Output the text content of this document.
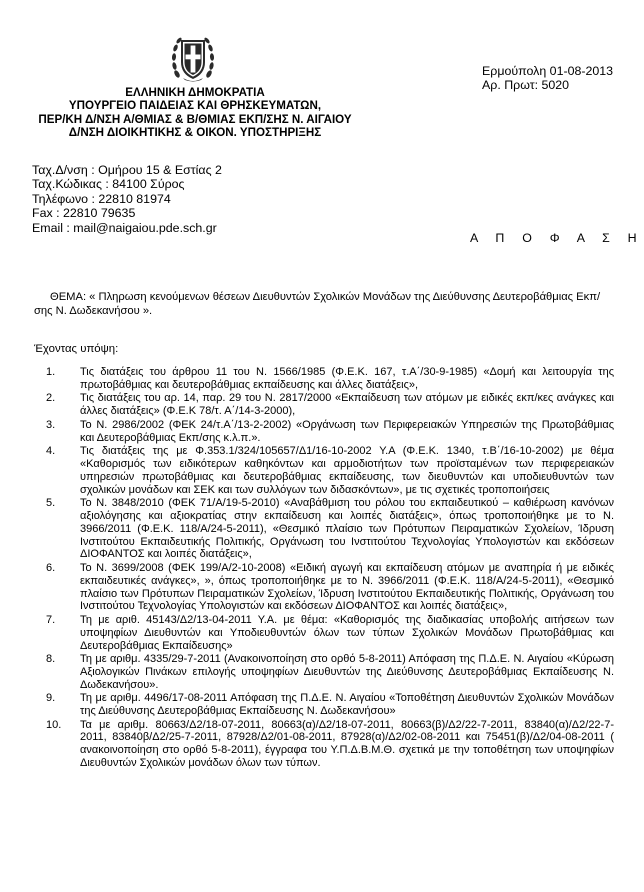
ΕΛΛΗΝΙΚΗ ΔΗΜΟΚΡΑΤΙΑ
ΥΠΟΥΡΓΕΙΟ ΠΑΙΔΕΙΑΣ ΚΑΙ ΘΡΗΣΚΕΥΜΑΤΩΝ,
ΠΕΡ/ΚΗ Δ/ΝΣΗ Α/ΘΜΙΑΣ & Β/ΘΜΙΑΣ ΕΚΠ/ΣΗΣ Ν. ΑΙΓΑΙΟΥ
Δ/ΝΣΗ ΔΙΟΙΚΗΤΙΚΗΣ & ΟΙΚΟΝ. ΥΠΟΣΤΗΡΙΞΗΣ
Ερμούπολη 01-08-2013
Αρ. Πρωτ: 5020
Ταχ.Δ/νση : Ομήρου 15 & Εστίας 2
Ταχ.Κώδικας : 84100 Σύρος
Τηλέφωνο : 22810 81974
Fax : 22810 79635
Email : mail@naigaiou.pde.sch.gr
Α Π Ο Φ Α Σ Η
ΘΕΜΑ: « Πληρωση κενούμενων θέσεων Διευθυντών Σχολικών Μονάδων της Διεύθυνσης Δευτεροβάθμιας Εκπ/σης Ν. Δωδεκανήσου ».
Έχοντας υπόψη:
1. Τις διατάξεις του άρθρου 11 του Ν. 1566/1985 (Φ.Ε.Κ. 167, τ.Α΄/30-9-1985) «Δομή και λειτουργία της πρωτοβάθμιας και δευτεροβάθμιας εκπαίδευσης και άλλες διατάξεις»,
2. Τις διατάξεις του αρ. 14, παρ. 29 του Ν. 2817/2000 «Εκπαίδευση των ατόμων με ειδικές εκπ/κες ανάγκες και άλλες διατάξεις» (Φ.Ε.Κ 78/τ. Α΄/14-3-2000),
3. Το Ν. 2986/2002 (ΦΕΚ 24/τ.Α΄/13-2-2002) «Οργάνωση των Περιφερειακών Υπηρεσιών της Πρωτοβάθμιας και Δευτεροβάθμιας Εκπ/σης κ.λ.π.».
4. Τις διατάξεις της με Φ.353.1/324/105657/Δ1/16-10-2002 Υ.Α (Φ.Ε.Κ. 1340, τ.Β΄/16-10-2002) με θέμα «Καθορισμός των ειδικότερων καθηκόντων και αρμοδιοτήτων των προϊσταμένων των περιφερειακών υπηρεσιών πρωτοβάθμιας και δευτεροβάθμιας εκπαίδευσης, των διευθυντών και υποδιευθυντών των σχολικών μονάδων και ΣΕΚ και των συλλόγων των διδασκόντων», με τις σχετικές τροποποιήσεις
5. Το Ν. 3848/2010 (ΦΕΚ 71/Α/19-5-2010) «Αναβάθμιση του ρόλου του εκπαιδευτικού – καθιέρωση κανόνων αξιολόγησης και αξιοκρατίας στην εκπαίδευση και λοιπές διατάξεις», όπως τροποποιήθηκε με το Ν. 3966/2011 (Φ.Ε.Κ. 118/Α/24-5-2011), «Θεσμικό πλαίσιο των Πρότυπων Πειραματικών Σχολείων, Ίδρυση Ινστιτούτου Εκπαιδευτικής Πολιτικής, Οργάνωση του Ινστιτούτου Τεχνολογίας Υπολογιστών και εκδόσεων ΔΙΟΦΑΝΤΟΣ και λοιπές διατάξεις»,
6. Το Ν. 3699/2008 (ΦΕΚ 199/Α/2-10-2008) «Ειδική αγωγή και εκπαίδευση ατόμων με αναπηρία ή με ειδικές εκπαιδευτικές ανάγκες», », όπως τροποποιήθηκε με το Ν. 3966/2011 (Φ.Ε.Κ. 118/Α/24-5-2011), «Θεσμικό πλαίσιο των Πρότυπων Πειραματικών Σχολείων, Ίδρυση Ινστιτούτου Εκπαιδευτικής Πολιτικής, Οργάνωση του Ινστιτούτου Τεχνολογίας Υπολογιστών και εκδόσεων ΔΙΟΦΑΝΤΟΣ και λοιπές διατάξεις»,
7. Τη με αριθ. 45143/Δ2/13-04-2011 Υ.Α. με θέμα: «Καθορισμός της διαδικασίας υποβολής αιτήσεων των υποψηφίων Διευθυντών και Υποδιευθυντών όλων των τύπων Σχολικών Μονάδων Πρωτοβάθμιας και Δευτεροβάθμιας Εκπαίδευσης»
8. Τη με αριθμ. 4335/29-7-2011 (Ανακοινοποίηση στο ορθό 5-8-2011) Απόφαση της Π.Δ.Ε. Ν. Αιγαίου «Κύρωση Αξιολογικών Πινάκων επιλογής υποψηφίων Διευθυντών της Διεύθυνσης Δευτεροβάθμιας Εκπαίδευσης Ν. Δωδεκανήσου».
9. Τη με αριθμ. 4496/17-08-2011 Απόφαση της Π.Δ.Ε. Ν. Αιγαίου «Τοποθέτηση Διευθυντών Σχολικών Μονάδων της Διεύθυνσης Δευτεροβάθμιας Εκπαίδευσης Ν. Δωδεκανήσου»
10. Τα με αριθμ. 80663/Δ2/18-07-2011, 80663(α)/Δ2/18-07-2011, 80663(β)/Δ2/22-7-2011, 83840(α)/Δ2/22-7-2011, 83840β/Δ2/25-7-2011, 87928/Δ2/01-08-2011, 87928(α)/Δ2/02-08-2011 και 75451(β)/Δ2/04-08-2011 ( ανακοινοποίηση στο ορθό 5-8-2011), έγγραφα του Υ.Π.Δ.Β.Μ.Θ. σχετικά με την τοποθέτηση των υποψηφίων Διευθυντών Σχολικών μονάδων όλων των τύπων.
